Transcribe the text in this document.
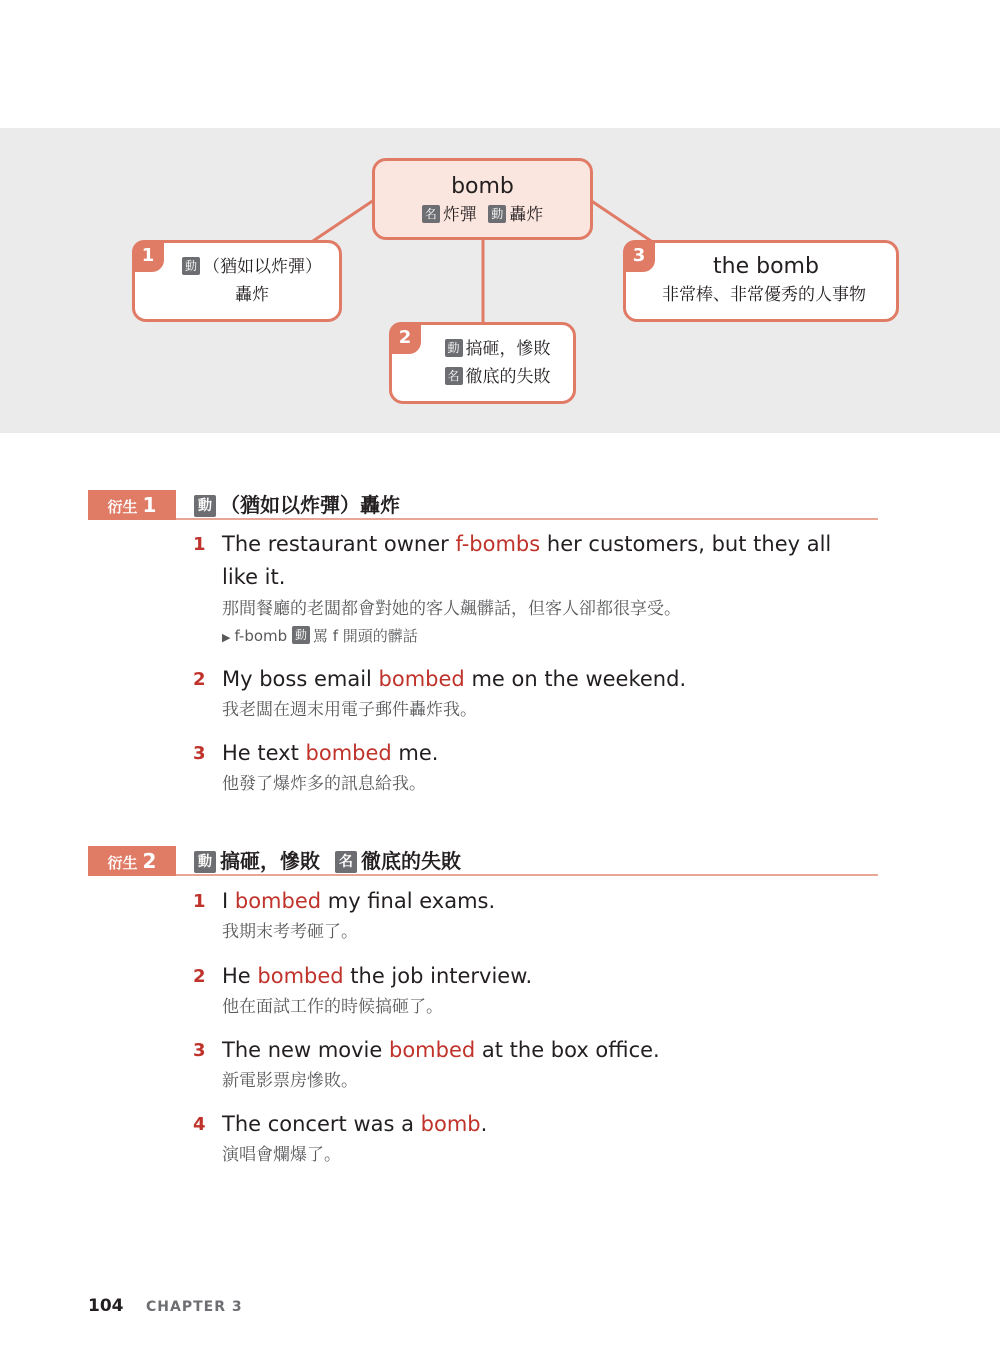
bomb
名 炸彈 動 轟炸
1	動 （猶如以炸彈）
轟炸
2	動 搞砸，慘敗
名 徹底的失敗
3	the bomb
非常棒、非常優秀的人事物
衍生 1	動 （猶如以炸彈）轟炸
1 The restaurant owner f-bombs her customers, but they all like it.
那間餐廳的老闆都會對她的客人飆髒話，但客人卻都很享受。
▶ f-bomb 動 罵 f 開頭的髒話
2 My boss email bombed me on the weekend.
我老闆在週末用電子郵件轟炸我。
3 He text bombed me.
他發了爆炸多的訊息給我。
衍生 2	動 搞砸，慘敗 名 徹底的失敗
1 I bombed my final exams.
我期末考考砸了。
2 He bombed the job interview.
他在面試工作的時候搞砸了。
3 The new movie bombed at the box office.
新電影票房慘敗。
4 The concert was a bomb.
演唱會爛爆了。
104 CHAPTER 3
